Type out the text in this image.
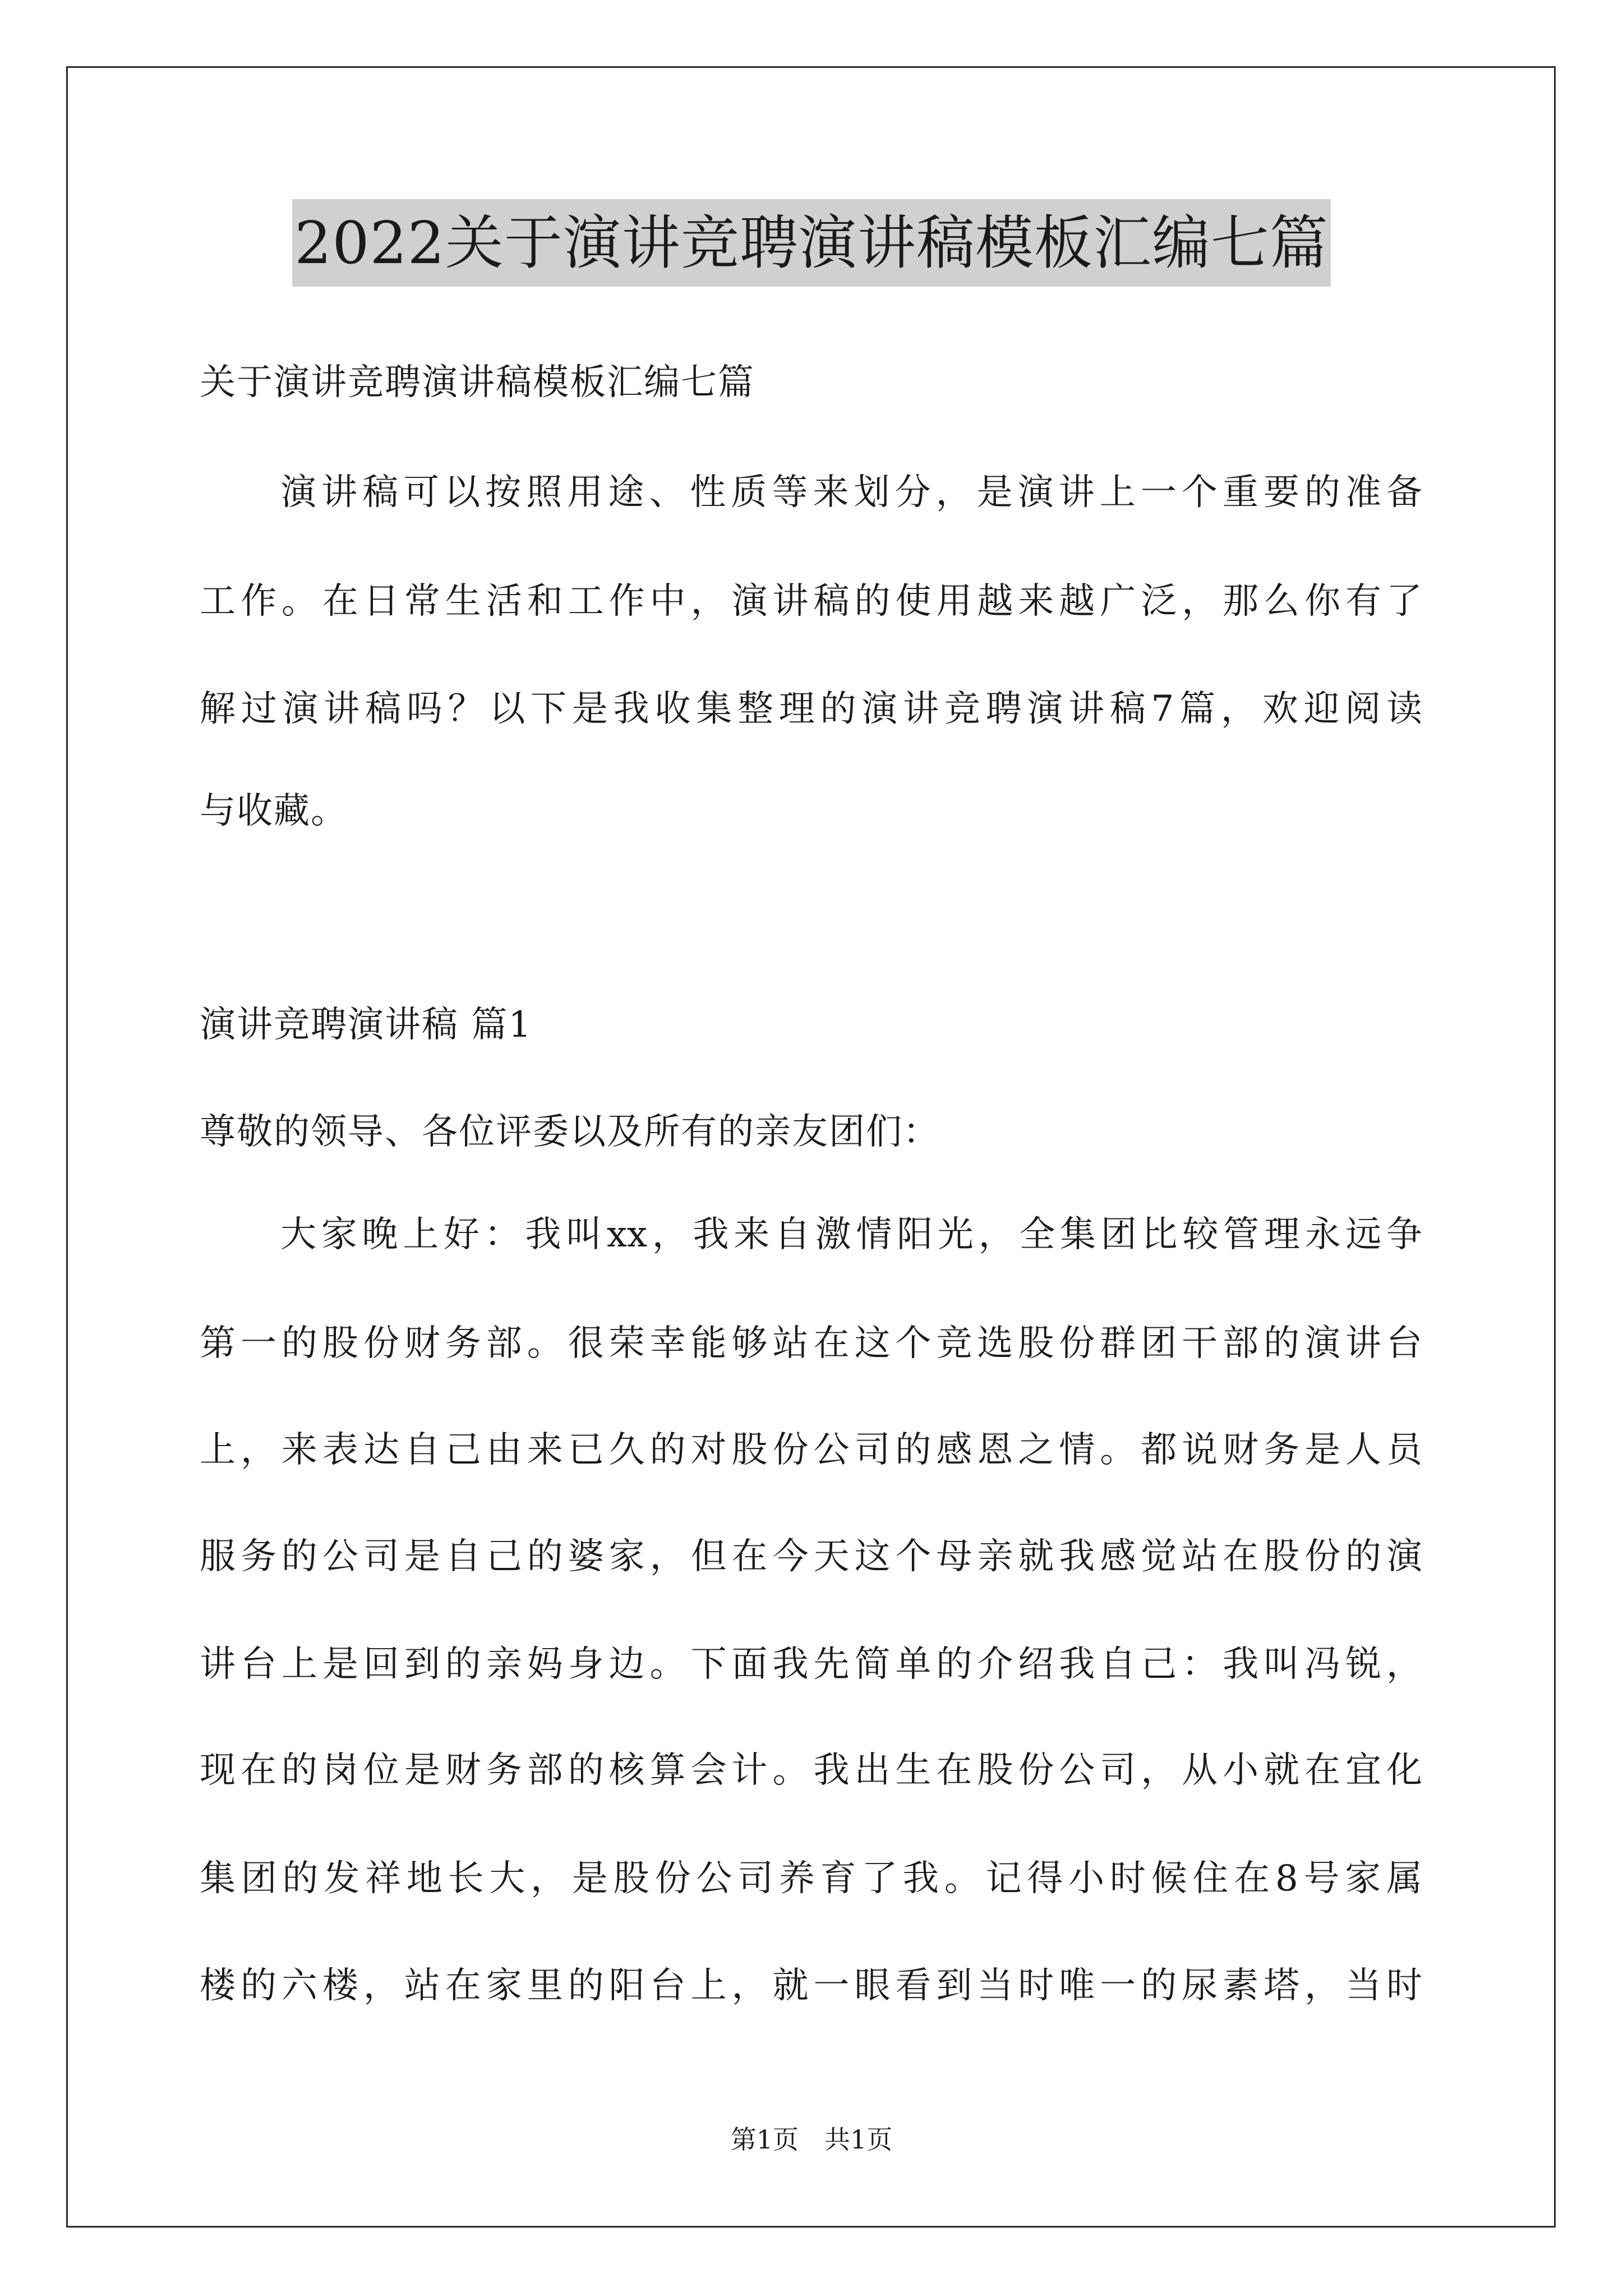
2022关于演讲竞聘演讲稿模板汇编七篇
关于演讲竞聘演讲稿模板汇编七篇
演讲稿可以按照用途、性质等来划分，是演讲上一个重要的准备
工作。在日常生活和工作中，演讲稿的使用越来越广泛，那么你有了
解过演讲稿吗？以下是我收集整理的演讲竞聘演讲稿7篇，欢迎阅读
与收藏。
演讲竞聘演讲稿 篇1
尊敬的领导、各位评委以及所有的亲友团们：
大家晚上好：我叫xx，我来自激情阳光，全集团比较管理永远争
第一的股份财务部。很荣幸能够站在这个竞选股份群团干部的演讲台
上，来表达自己由来已久的对股份公司的感恩之情。都说财务是人员
服务的公司是自己的婆家，但在今天这个母亲就我感觉站在股份的演
讲台上是回到的亲妈身边。下面我先简单的介绍我自己：我叫冯锐，
现在的岗位是财务部的核算会计。我出生在股份公司，从小就在宜化
集团的发祥地长大，是股份公司养育了我。记得小时候住在8号家属
楼的六楼，站在家里的阳台上，就一眼看到当时唯一的尿素塔，当时
第1页 共1页
